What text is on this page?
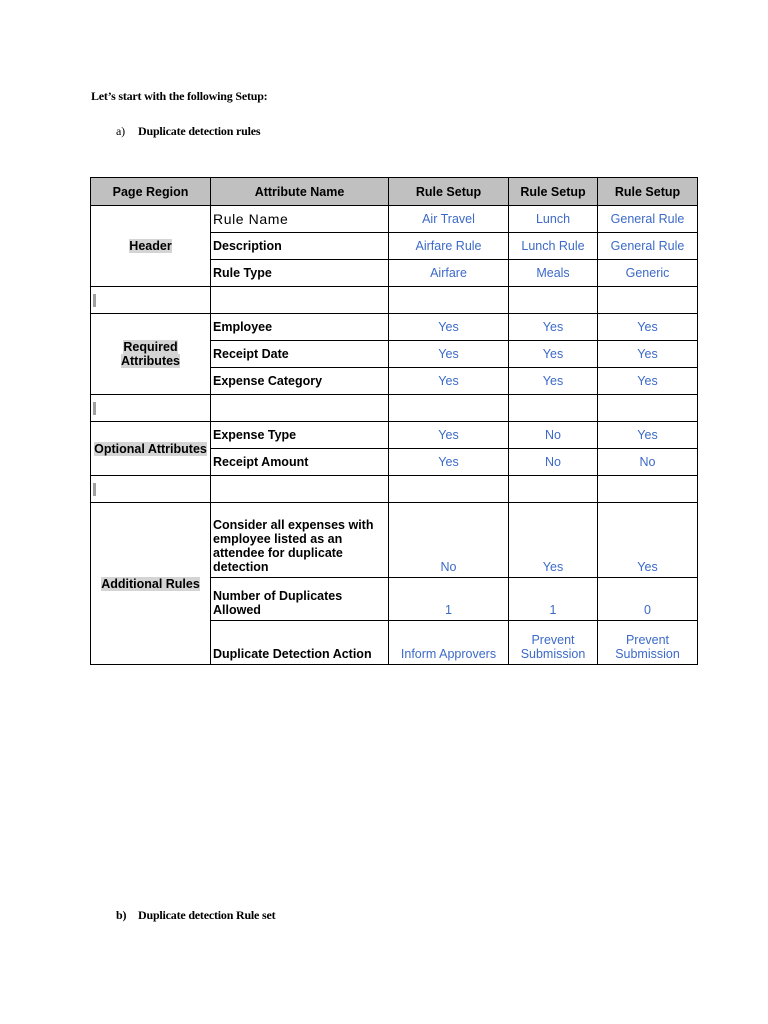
Let’s start with the following Setup:
a) Duplicate detection rules
Page Region	Attribute Name	Rule Setup	Rule Setup	Rule Setup
Header	Rule Name	Air Travel	Lunch	General Rule
	Description	Airfare Rule	Lunch Rule	General Rule
	Rule Type	Airfare	Meals	Generic

Required
Attributes	Employee	Yes	Yes	Yes
	Receipt Date	Yes	Yes	Yes
	Expense Category	Yes	Yes	Yes

Optional Attributes	Expense Type	Yes	No	Yes
	Receipt Amount	Yes	No	No

Additional Rules	Consider all expenses with employee listed as an attendee for duplicate detection	No	Yes	Yes
	Number of Duplicates Allowed	1	1	0
	Duplicate Detection Action	Inform Approvers	Prevent Submission	Prevent Submission
b) Duplicate detection Rule set
